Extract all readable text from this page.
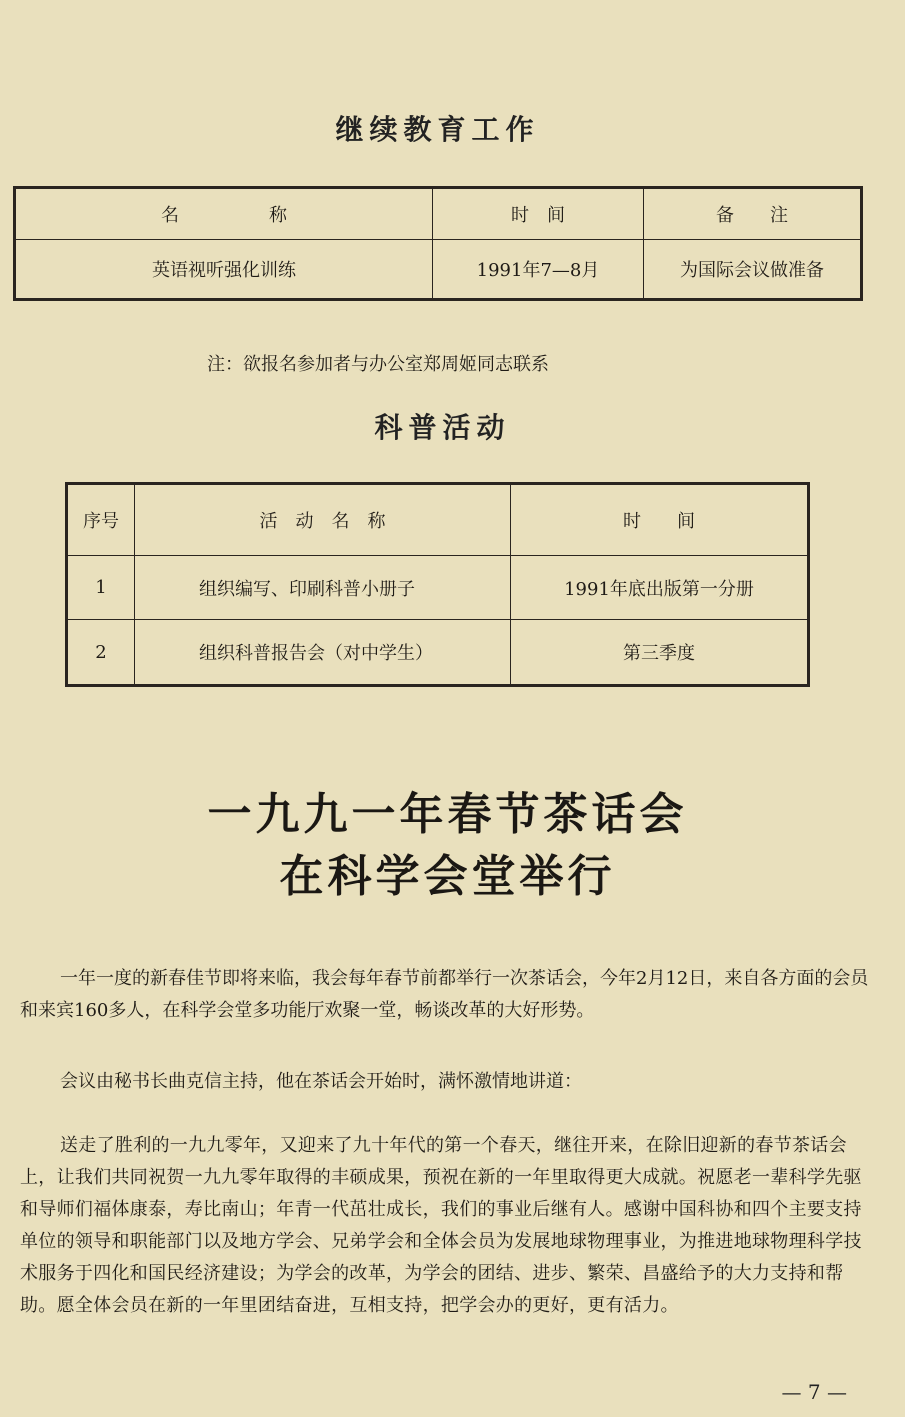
继续教育工作
名　　　　　称	时　间	备　　注
英语视听强化训练	1991年7—8月	为国际会议做准备
注：欲报名参加者与办公室郑周姬同志联系
科普活动
序号	活　动　名　称	时　　间
1	组织编写、印刷科普小册子	1991年底出版第一分册
2	组织科普报告会（对中学生）	第三季度
一九九一年春节茶话会
在科学会堂举行

一年一度的新春佳节即将来临，我会每年春节前都举行一次茶话会，今年2月12日，来自各方面的会员和来宾160多人，在科学会堂多功能厅欢聚一堂，畅谈改革的大好形势。

会议由秘书长曲克信主持，他在茶话会开始时，满怀激情地讲道：

送走了胜利的一九九零年，又迎来了九十年代的第一个春天，继往开来，在除旧迎新的春节茶话会上，让我们共同祝贺一九九零年取得的丰硕成果，预祝在新的一年里取得更大成就。祝愿老一辈科学先驱和导师们福体康泰，寿比南山；年青一代茁壮成长，我们的事业后继有人。感谢中国科协和四个主要支持单位的领导和职能部门以及地方学会、兄弟学会和全体会员为发展地球物理事业，为推进地球物理科学技术服务于四化和国民经济建设；为学会的改革，为学会的团结、进步、繁荣、昌盛给予的大力支持和帮助。愿全体会员在新的一年里团结奋进，互相支持，把学会办的更好，更有活力。

— 7 —
